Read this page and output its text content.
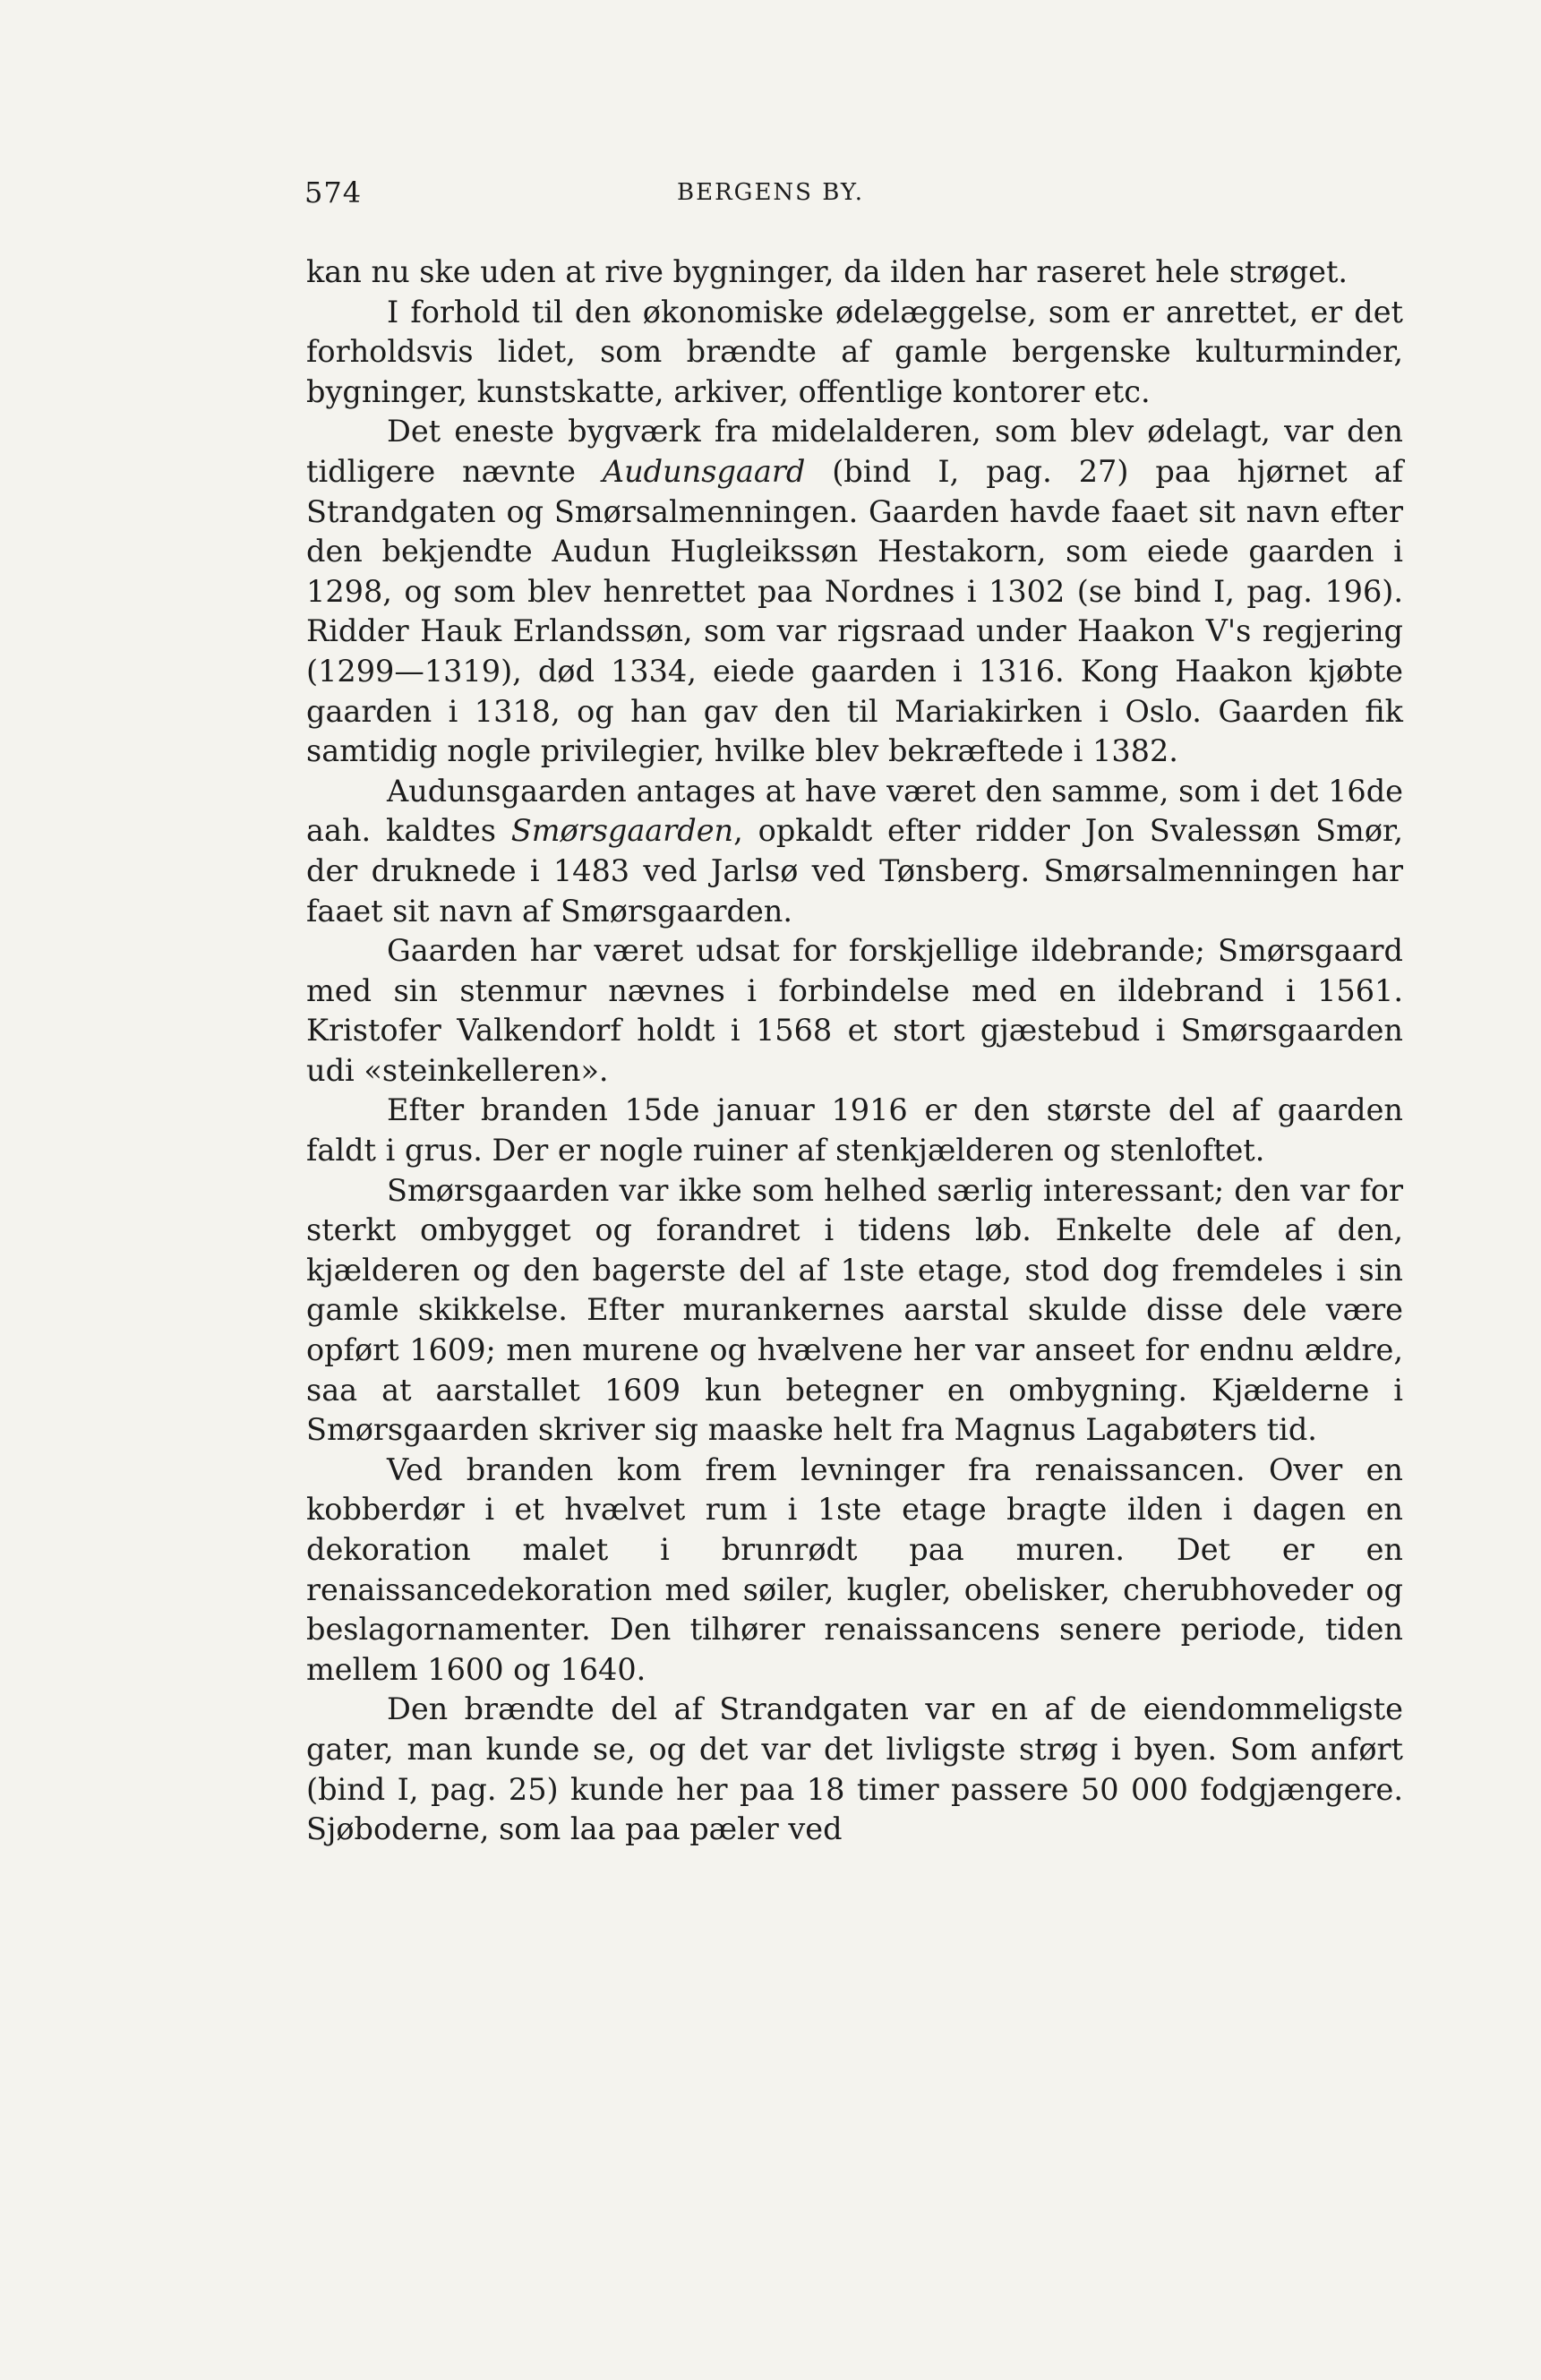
574	BERGENS BY.

kan nu ske uden at rive bygninger, da ilden har raseret hele strøget.

I forhold til den økonomiske ødelæggelse, som er anrettet, er det forholdsvis lidet, som brændte af gamle bergenske kulturminder, bygninger, kunstskatte, arkiver, offentlige kontorer etc.

Det eneste bygværk fra midelalderen, som blev ødelagt, var den tidligere nævnte Audunsgaard (bind I, pag. 27) paa hjørnet af Strandgaten og Smørsalmenningen. Gaarden havde faaet sit navn efter den bekjendte Audun Hugleikssøn Hestakorn, som eiede gaarden i 1298, og som blev henrettet paa Nordnes i 1302 (se bind I, pag. 196). Ridder Hauk Erlandssøn, som var rigsraad under Haakon V's regjering (1299—1319), død 1334, eiede gaarden i 1316. Kong Haakon kjøbte gaarden i 1318, og han gav den til Mariakirken i Oslo. Gaarden fik samtidig nogle privilegier, hvilke blev bekræftede i 1382.

Audunsgaarden antages at have været den samme, som i det 16de aah. kaldtes Smørsgaarden, opkaldt efter ridder Jon Svalessøn Smør, der druknede i 1483 ved Jarlsø ved Tønsberg. Smørsalmenningen har faaet sit navn af Smørsgaarden.

Gaarden har været udsat for forskjellige ildebrande; Smørsgaard med sin stenmur nævnes i forbindelse med en ildebrand i 1561. Kristofer Valkendorf holdt i 1568 et stort gjæstebud i Smørsgaarden udi «steinkelleren».

Efter branden 15de januar 1916 er den største del af gaarden faldt i grus. Der er nogle ruiner af stenkjælderen og stenloftet.

Smørsgaarden var ikke som helhed særlig interessant; den var for sterkt ombygget og forandret i tidens løb. Enkelte dele af den, kjælderen og den bagerste del af 1ste etage, stod dog fremdeles i sin gamle skikkelse. Efter murankernes aarstal skulde disse dele være opført 1609; men murene og hvælvene her var anseet for endnu ældre, saa at aarstallet 1609 kun betegner en ombygning. Kjælderne i Smørsgaarden skriver sig maaske helt fra Magnus Lagabøters tid.

Ved branden kom frem levninger fra renaissancen. Over en kobberdør i et hvælvet rum i 1ste etage bragte ilden i dagen en dekoration malet i brunrødt paa muren. Det er en renaissancedekoration med søiler, kugler, obelisker, cherubhoveder og beslagornamenter. Den tilhører renaissancens senere periode, tiden mellem 1600 og 1640.

Den brændte del af Strandgaten var en af de eiendommeligste gater, man kunde se, og det var det livligste strøg i byen. Som anført (bind I, pag. 25) kunde her paa 18 timer passere 50 000 fodgjængere. Sjøboderne, som laa paa pæler ved
